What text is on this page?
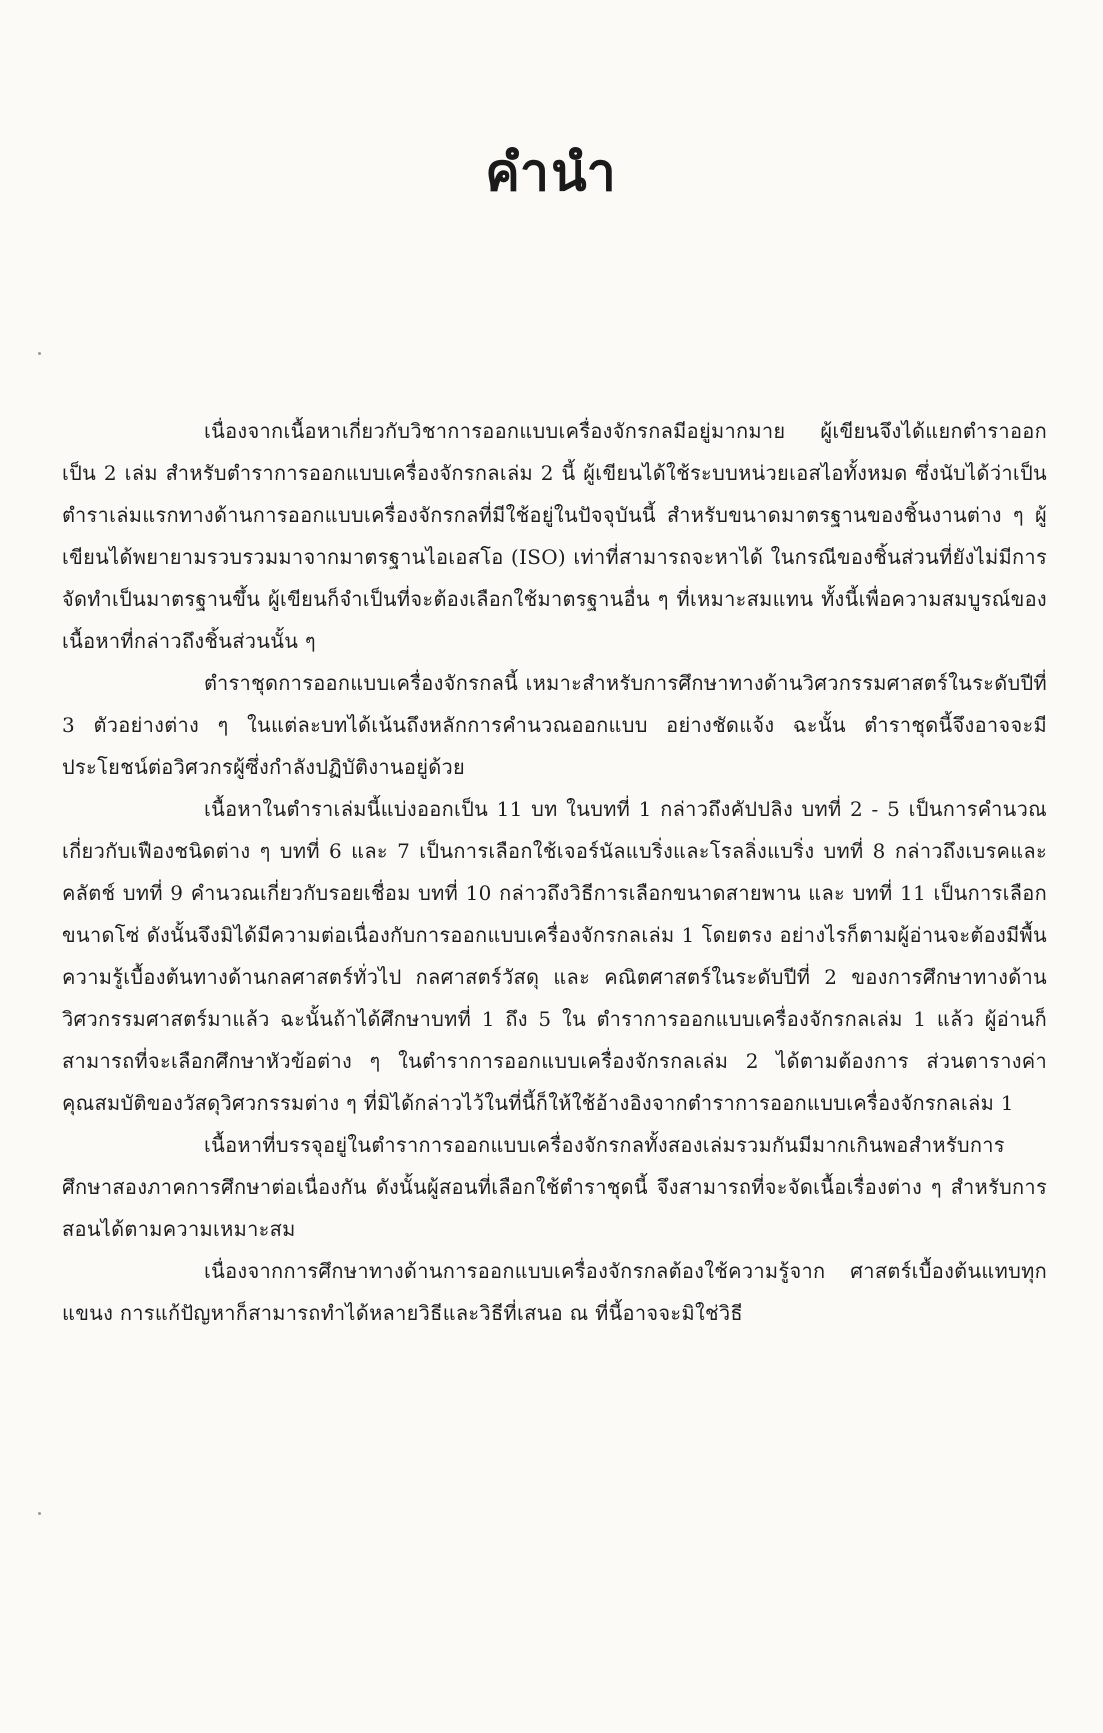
คำนำ

เนื่องจากเนื้อหาเกี่ยวกับวิชาการออกแบบเครื่องจักรกลมีอยู่มากมาย ผู้เขียนจึงได้แยกตำราออกเป็น 2 เล่ม สำหรับตำราการออกแบบเครื่องจักรกลเล่ม 2 นี้ ผู้เขียนได้ใช้ระบบหน่วยเอสไอทั้งหมด ซึ่งนับได้ว่าเป็นตำราเล่มแรกทางด้านการออกแบบเครื่องจักรกลที่มีใช้อยู่ในปัจจุบันนี้ สำหรับขนาดมาตรฐานของชิ้นงานต่าง ๆ ผู้เขียนได้พยายามรวบรวมมาจากมาตรฐานไอเอสโอ (ISO) เท่าที่สามารถจะหาได้ ในกรณีของชิ้นส่วนที่ยังไม่มีการจัดทำเป็นมาตรฐานขึ้น ผู้เขียนก็จำเป็นที่จะต้องเลือกใช้มาตรฐานอื่น ๆ ที่เหมาะสมแทน ทั้งนี้เพื่อความสมบูรณ์ของเนื้อหาที่กล่าวถึงชิ้นส่วนนั้น ๆ

ตำราชุดการออกแบบเครื่องจักรกลนี้ เหมาะสำหรับการศึกษาทางด้านวิศวกรรมศาสตร์ในระดับปีที่ 3 ตัวอย่างต่าง ๆ ในแต่ละบทได้เน้นถึงหลักการคำนวณออกแบบ อย่างชัดแจ้ง ฉะนั้น ตำราชุดนี้จึงอาจจะมีประโยชน์ต่อวิศวกรผู้ซึ่งกำลังปฏิบัติงานอยู่ด้วย

เนื้อหาในตำราเล่มนี้แบ่งออกเป็น 11 บท ในบทที่ 1 กล่าวถึงคัปปลิง บทที่ 2 - 5 เป็นการคำนวณเกี่ยวกับเฟืองชนิดต่าง ๆ บทที่ 6 และ 7 เป็นการเลือกใช้เจอร์นัลแบริ่งและโรลลิ่งแบริ่ง บทที่ 8 กล่าวถึงเบรคและคลัตช์ บทที่ 9 คำนวณเกี่ยวกับรอยเชื่อม บทที่ 10 กล่าวถึงวิธีการเลือกขนาดสายพาน และ บทที่ 11 เป็นการเลือกขนาดโซ่ ดังนั้นจึงมิได้มีความต่อเนื่องกับการออกแบบเครื่องจักรกลเล่ม 1 โดยตรง อย่างไรก็ตามผู้อ่านจะต้องมีพื้นความรู้เบื้องต้นทางด้านกลศาสตร์ทั่วไป กลศาสตร์วัสดุ และ คณิตศาสตร์ในระดับปีที่ 2 ของการศึกษาทางด้านวิศวกรรมศาสตร์มาแล้ว ฉะนั้นถ้าได้ศึกษาบทที่ 1 ถึง 5 ใน ตำราการออกแบบเครื่องจักรกลเล่ม 1 แล้ว ผู้อ่านก็สามารถที่จะเลือกศึกษาหัวข้อต่าง ๆ ในตำราการออกแบบเครื่องจักรกลเล่ม 2 ได้ตามต้องการ ส่วนตารางค่าคุณสมบัติของวัสดุวิศวกรรมต่าง ๆ ที่มิได้กล่าวไว้ในที่นี้ก็ให้ใช้อ้างอิงจากตำราการออกแบบเครื่องจักรกลเล่ม 1

เนื้อหาที่บรรจุอยู่ในตำราการออกแบบเครื่องจักรกลทั้งสองเล่มรวมกันมีมากเกินพอสำหรับการศึกษาสองภาคการศึกษาต่อเนื่องกัน ดังนั้นผู้สอนที่เลือกใช้ตำราชุดนี้ จึงสามารถที่จะจัดเนื้อเรื่องต่าง ๆ สำหรับการสอนได้ตามความเหมาะสม

เนื่องจากการศึกษาทางด้านการออกแบบเครื่องจักรกลต้องใช้ความรู้จาก ศาสตร์เบื้องต้นแทบทุกแขนง การแก้ปัญหาก็สามารถทำได้หลายวิธีและวิธีที่เสนอ ณ ที่นี้อาจจะมิใช่วิธี
